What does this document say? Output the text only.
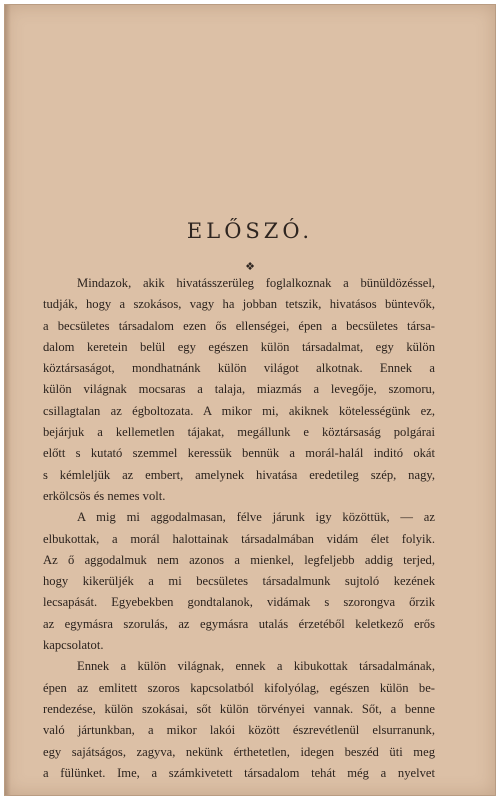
ELŐSZÓ.
❖
Mindazok, akik hivatásszerüleg foglalkoznak a bünüldözéssel,
tudják, hogy a szokásos, vagy ha jobban tetszik, hivatásos büntevők,
a becsületes társadalom ezen ős ellenségei, épen a becsületes társa-
dalom keretein belül egy egészen külön társadalmat, egy külön
köztársaságot, mondhatnánk külön világot alkotnak. Ennek a
külön világnak mocsaras a talaja, miazmás a levegője, szomoru,
csillagtalan az égboltozata. A mikor mi, akiknek kötelességünk ez,
bejárjuk a kellemetlen tájakat, megállunk e köztársaság polgárai
előtt s kutató szemmel keressük bennük a morál-halál inditó okát
s kémleljük az embert, amelynek hivatása eredetileg szép, nagy,
erkölcsös és nemes volt.
A mig mi aggodalmasan, félve járunk igy közöttük, — az
elbukottak, a morál halottainak társadalmában vidám élet folyik.
Az ő aggodalmuk nem azonos a mienkel, legfeljebb addig terjed,
hogy kikerüljék a mi becsületes társadalmunk sujtoló kezének
lecsapását. Egyebekben gondtalanok, vidámak s szorongva őrzik
az egymásra szorulás, az egymásra utalás érzetéből keletkező erős
kapcsolatot.
Ennek a külön világnak, ennek a kibukottak társadalmának,
épen az emlitett szoros kapcsolatból kifolyólag, egészen külön be-
rendezése, külön szokásai, sőt külön törvényei vannak. Sőt, a benne
való jártunkban, a mikor lakói között észrevétlenül elsurranunk,
egy sajátságos, zagyva, nekünk érthetetlen, idegen beszéd üti meg
a fülünket. Ime, a számkivetett társadalom tehát még a nyelvet
